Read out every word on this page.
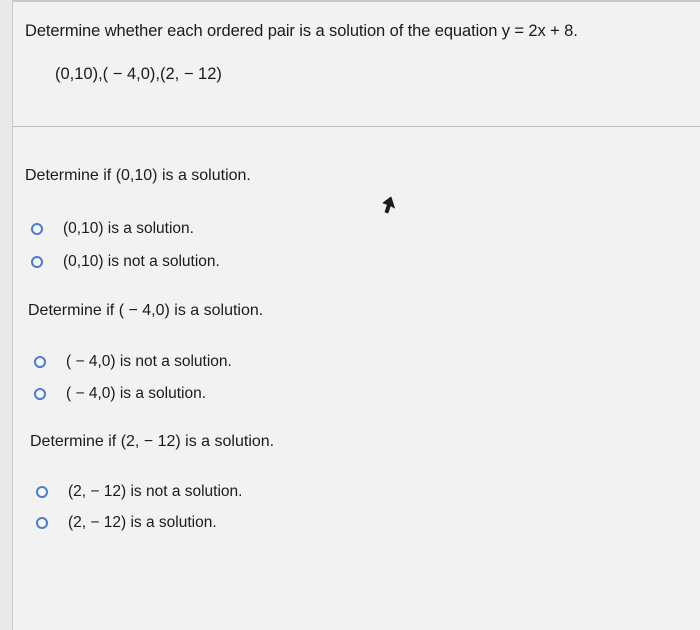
Determine whether each ordered pair is a solution of the equation y = 2x + 8.
(0,10),( − 4,0),(2, − 12)
Determine if (0,10) is a solution.
(0,10) is a solution.
(0,10) is not a solution.
Determine if ( − 4,0) is a solution.
( − 4,0) is not a solution.
( − 4,0) is a solution.
Determine if (2, − 12) is a solution.
(2, − 12) is not a solution.
(2, − 12) is a solution.
